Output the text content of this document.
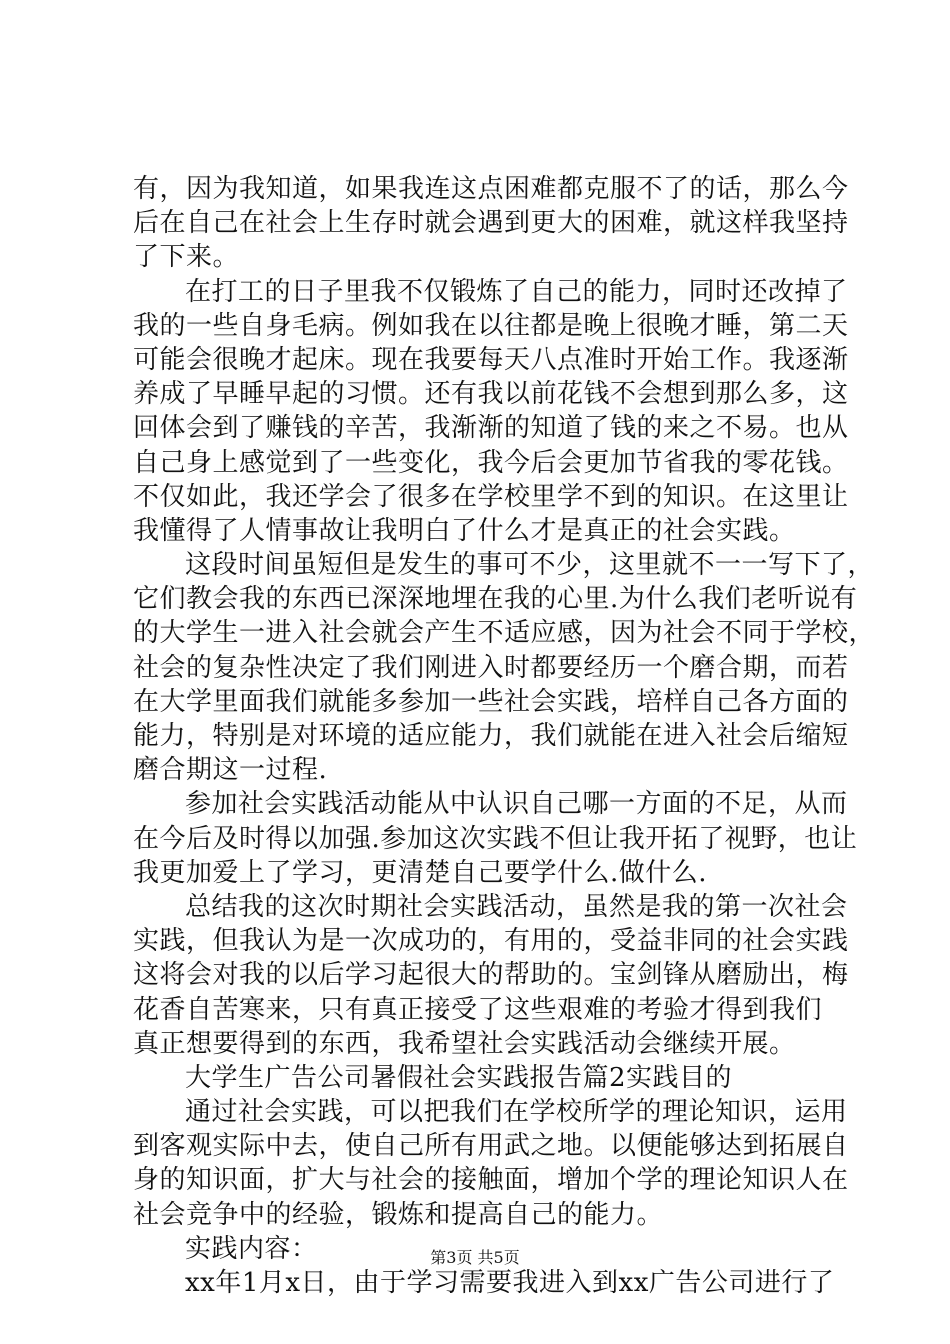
有，因为我知道，如果我连这点困难都克服不了的话，那么今
后在自己在社会上生存时就会遇到更大的困难，就这样我坚持
了下来。
在打工的日子里我不仅锻炼了自己的能力，同时还改掉了
我的一些自身毛病。例如我在以往都是晚上很晚才睡，第二天
可能会很晚才起床。现在我要每天八点准时开始工作。我逐渐
养成了早睡早起的习惯。还有我以前花钱不会想到那么多，这
回体会到了赚钱的辛苦，我渐渐的知道了钱的来之不易。也从
自己身上感觉到了一些变化，我今后会更加节省我的零花钱。
不仅如此，我还学会了很多在学校里学不到的知识。在这里让
我懂得了人情事故让我明白了什么才是真正的社会实践。
这段时间虽短但是发生的事可不少，这里就不一一写下了，
它们教会我的东西已深深地埋在我的心里.为什么我们老听说有
的大学生一进入社会就会产生不适应感，因为社会不同于学校，
社会的复杂性决定了我们刚进入时都要经历一个磨合期，而若
在大学里面我们就能多参加一些社会实践，培样自己各方面的
能力，特别是对环境的适应能力，我们就能在进入社会后缩短
磨合期这一过程.
参加社会实践活动能从中认识自己哪一方面的不足，从而
在今后及时得以加强.参加这次实践不但让我开拓了视野，也让
我更加爱上了学习，更清楚自己要学什么.做什么.
总结我的这次时期社会实践活动，虽然是我的第一次社会
实践，但我认为是一次成功的，有用的，受益非同的社会实践
这将会对我的以后学习起很大的帮助的。宝剑锋从磨励出，梅
花香自苦寒来，只有真正接受了这些艰难的考验才得到我们
真正想要得到的东西，我希望社会实践活动会继续开展。
大学生广告公司暑假社会实践报告篇2实践目的
通过社会实践，可以把我们在学校所学的理论知识，运用
到客观实际中去，使自己所有用武之地。以便能够达到拓展自
身的知识面，扩大与社会的接触面，增加个学的理论知识人在
社会竞争中的经验，锻炼和提高自己的能力。
实践内容：
xx年1月x日，由于学习需要我进入到xx广告公司进行了
第3页 共5页
